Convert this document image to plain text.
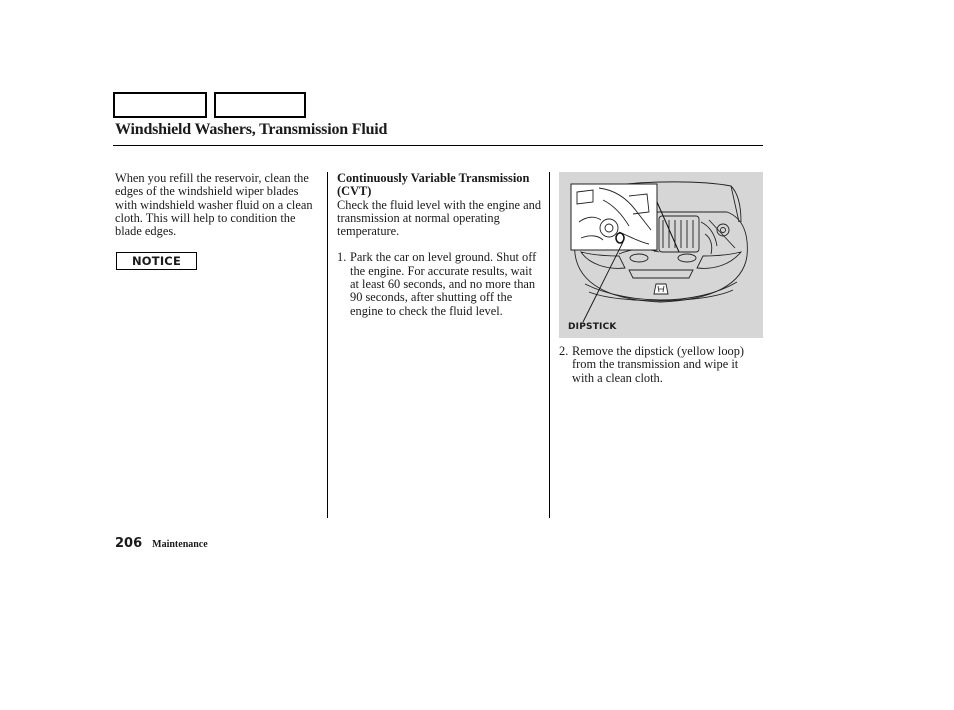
Windshield Washers, Transmission Fluid

When you refill the reservoir, clean the edges of the windshield wiper blades with windshield washer fluid on a clean cloth. This will help to condition the blade edges.

NOTICE

Continuously Variable Transmission (CVT)

Check the fluid level with the engine and transmission at normal operating temperature.

1. Park the car on level ground. Shut off the engine. For accurate results, wait at least 60 seconds, and no more than 90 seconds, after shutting off the engine to check the fluid level.
DIPSTICK
2. Remove the dipstick (yellow loop) from the transmission and wipe it with a clean cloth.
206 Maintenance
